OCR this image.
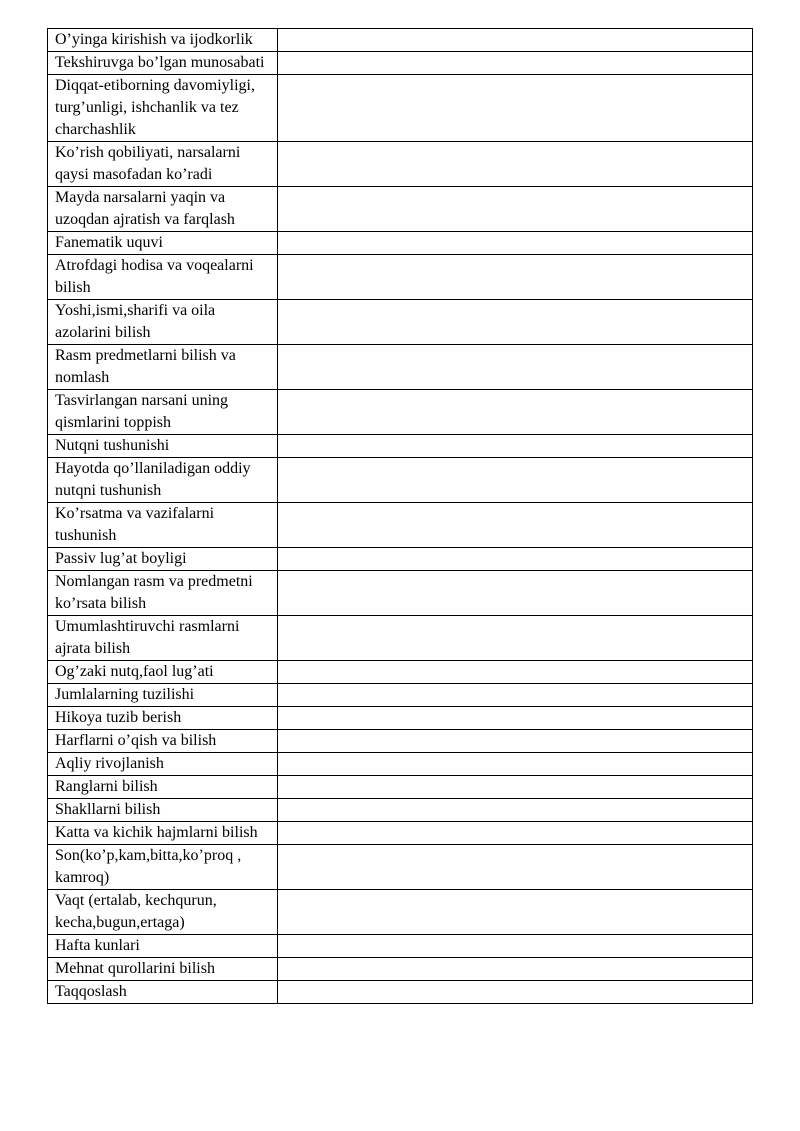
O’yinga kirishish va ijodkorlik	
Tekshiruvga bo’lgan munosabati	
Diqqat-etiborning davomiyligi, turg’unligi, ishchanlik va tez charchashlik	
Ko’rish qobiliyati, narsalarni qaysi masofadan ko’radi	
Mayda narsalarni yaqin va uzoqdan ajratish va farqlash	
Fanematik uquvi	
Atrofdagi hodisa va voqealarni bilish	
Yoshi,ismi,sharifi va oila azolarini bilish	
Rasm predmetlarni bilish va nomlash	
Tasvirlangan narsani uning qismlarini toppish	
Nutqni tushunishi	
Hayotda qo’llaniladigan oddiy nutqni tushunish	
Ko’rsatma va vazifalarni tushunish	
Passiv lug’at boyligi	
Nomlangan rasm va predmetni ko’rsata bilish	
Umumlashtiruvchi rasmlarni ajrata bilish	
Og’zaki nutq,faol lug’ati	
Jumlalarning tuzilishi	
Hikoya tuzib berish	
Harflarni o’qish va bilish	
Aqliy rivojlanish	
Ranglarni bilish	
Shakllarni bilish	
Katta va kichik hajmlarni bilish	
Son(ko’p,kam,bitta,ko’proq , kamroq)	
Vaqt (ertalab, kechqurun, kecha,bugun,ertaga)	
Hafta kunlari	
Mehnat qurollarini bilish	
Taqqoslash	
